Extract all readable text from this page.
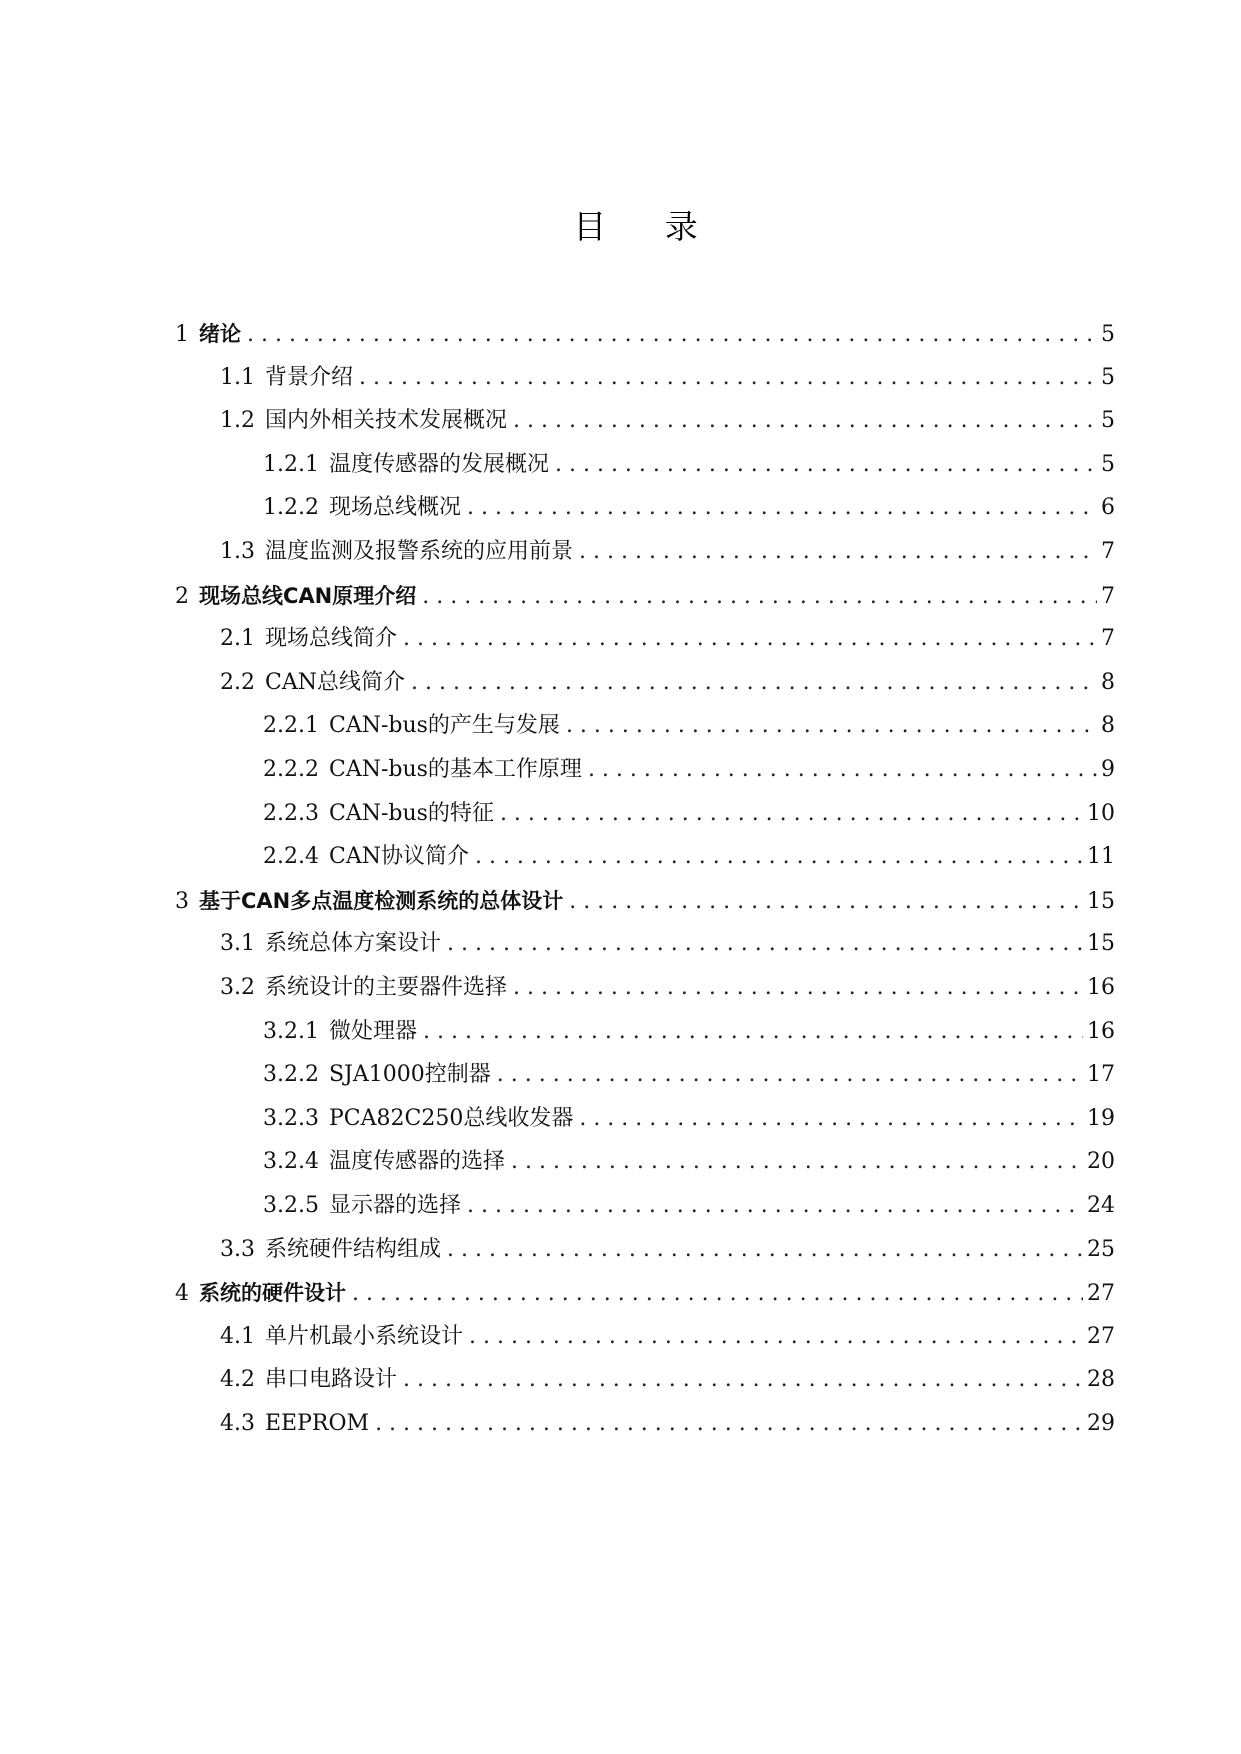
目 录
1 绪论 . . .	5
1.1 背景介绍 . . .	5
1.2 国内外相关技术发展概况 . . .	5
1.2.1 温度传感器的发展概况 . . .	5
1.2.2 现场总线概况 . . .	6
1.3 温度监测及报警系统的应用前景 . . .	7
2 现场总线CAN原理介绍 . . .	7
2.1 现场总线简介 . . .	7
2.2 CAN总线简介 . . .	8
2.2.1 CAN-bus的产生与发展 . . .	8
2.2.2 CAN-bus的基本工作原理 . . .	9
2.2.3 CAN-bus的特征 . . .	10
2.2.4 CAN协议简介 . . .	11
3 基于CAN多点温度检测系统的总体设计 . . .	15
3.1 系统总体方案设计 . . .	15
3.2 系统设计的主要器件选择 . . .	16
3.2.1 微处理器 . . .	16
3.2.2 SJA1000控制器 . . .	17
3.2.3 PCA82C250总线收发器 . . .	19
3.2.4 温度传感器的选择 . . .	20
3.2.5 显示器的选择 . . .	24
3.3 系统硬件结构组成 . . .	25
4 系统的硬件设计 . . .	27
4.1 单片机最小系统设计 . . .	27
4.2 串口电路设计 . . .	28
4.3 EEPROM . . .	29
